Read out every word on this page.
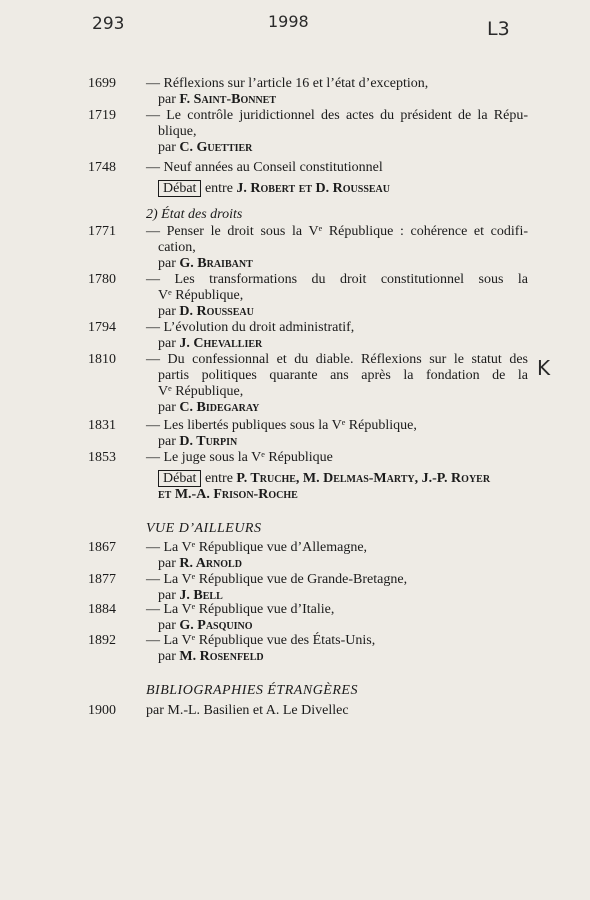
293	1998	L3
K
1699	— Réflexions sur l’article 16 et l’état d’exception,
par F. Saint-Bonnet
1719	— Le contrôle juridictionnel des actes du président de la Répu-
blique,
par C. Guettier
1748	— Neuf années au Conseil constitutionnel
Débat entre J. Robert et D. Rousseau
2) État des droits
1771	— Penser le droit sous la Vᵉ République : cohérence et codifi-
cation,
par G. Braibant
1780	— Les transformations du droit constitutionnel sous la
Vᵉ République,
par D. Rousseau
1794	— L’évolution du droit administratif,
par J. Chevallier
1810	— Du confessionnal et du diable. Réflexions sur le statut des
partis politiques quarante ans après la fondation de la
Vᵉ République,
par C. Bidegaray
1831	— Les libertés publiques sous la Vᵉ République,
par D. Turpin
1853	— Le juge sous la Vᵉ République
Débat entre P. Truche, M. Delmas-Marty, J.-P. Royer
et M.-A. Frison-Roche
VUE D’AILLEURS
1867	— La Vᵉ République vue d’Allemagne,
par R. Arnold
1877	— La Vᵉ République vue de Grande-Bretagne,
par J. Bell
1884	— La Vᵉ République vue d’Italie,
par G. Pasquino
1892	— La Vᵉ République vue des États-Unis,
par M. Rosenfeld
BIBLIOGRAPHIES ÉTRANGÈRES
1900	par M.-L. Basilien et A. Le Divellec
